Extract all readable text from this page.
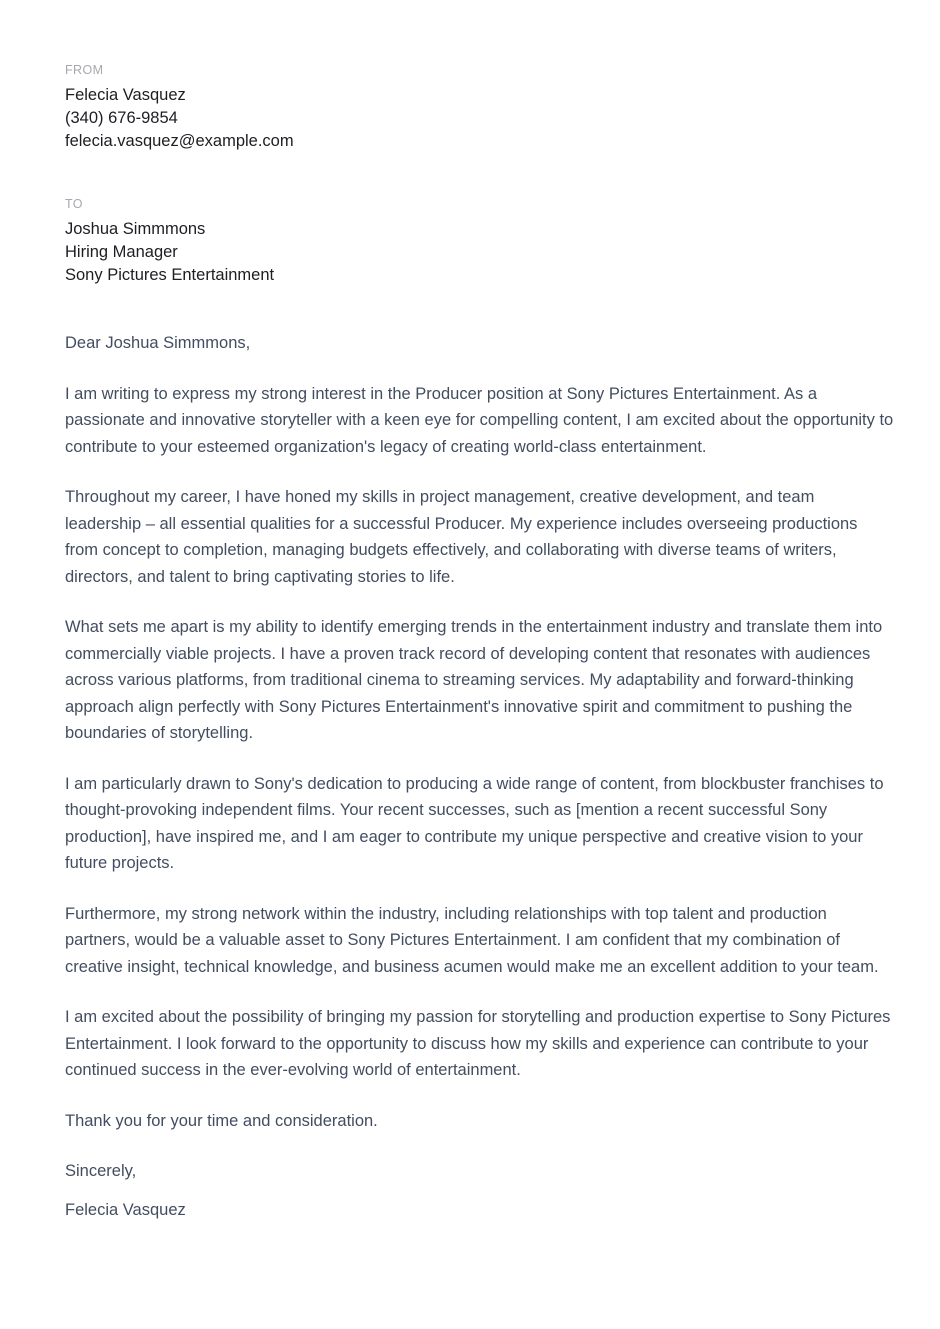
FROM
Felecia Vasquez
(340) 676-9854
felecia.vasquez@example.com
TO
Joshua Simmmons
Hiring Manager
Sony Pictures Entertainment

Dear Joshua Simmmons,

I am writing to express my strong interest in the Producer position at Sony Pictures Entertainment. As a passionate and innovative storyteller with a keen eye for compelling content, I am excited about the opportunity to contribute to your esteemed organization's legacy of creating world-class entertainment.

Throughout my career, I have honed my skills in project management, creative development, and team leadership – all essential qualities for a successful Producer. My experience includes overseeing productions from concept to completion, managing budgets effectively, and collaborating with diverse teams of writers, directors, and talent to bring captivating stories to life.

What sets me apart is my ability to identify emerging trends in the entertainment industry and translate them into commercially viable projects. I have a proven track record of developing content that resonates with audiences across various platforms, from traditional cinema to streaming services. My adaptability and forward-thinking approach align perfectly with Sony Pictures Entertainment's innovative spirit and commitment to pushing the boundaries of storytelling.

I am particularly drawn to Sony's dedication to producing a wide range of content, from blockbuster franchises to thought-provoking independent films. Your recent successes, such as [mention a recent successful Sony production], have inspired me, and I am eager to contribute my unique perspective and creative vision to your future projects.

Furthermore, my strong network within the industry, including relationships with top talent and production partners, would be a valuable asset to Sony Pictures Entertainment. I am confident that my combination of creative insight, technical knowledge, and business acumen would make me an excellent addition to your team.

I am excited about the possibility of bringing my passion for storytelling and production expertise to Sony Pictures Entertainment. I look forward to the opportunity to discuss how my skills and experience can contribute to your continued success in the ever-evolving world of entertainment.

Thank you for your time and consideration.

Sincerely,

Felecia Vasquez
